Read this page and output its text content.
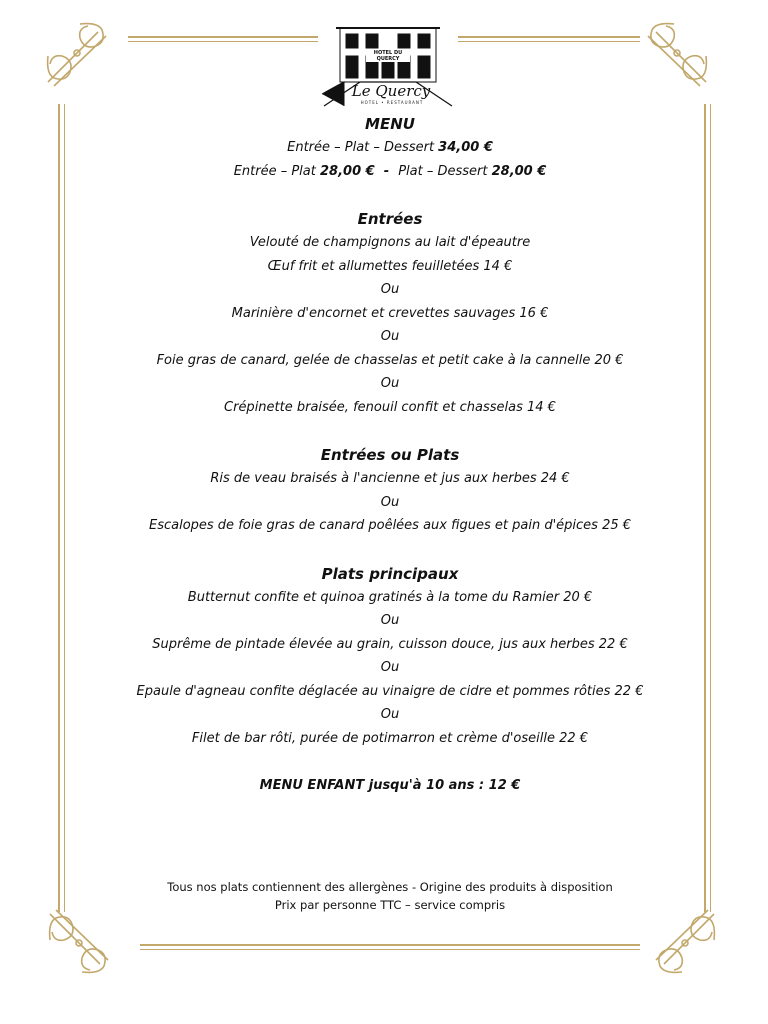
HOTEL DU QUERCY
Le Quercy
HOTEL • RESTAURANT
MENU
Entrée – Plat – Dessert 34,00 €
Entrée – Plat 28,00 €  -  Plat – Dessert 28,00 €
Entrées
Velouté de champignons au lait d'épeautre
Œuf frit et allumettes feuilletées 14 €
Ou
Marinière d'encornet et crevettes sauvages 16 €
Ou
Foie gras de canard, gelée de chasselas et petit cake à la cannelle 20 €
Ou
Crépinette braisée, fenouil confit et chasselas 14 €
Entrées ou Plats
Ris de veau braisés à l'ancienne et jus aux herbes 24 €
Ou
Escalopes de foie gras de canard poêlées aux figues et pain d'épices 25 €
Plats principaux
Butternut confite et quinoa gratinés à la tome du Ramier 20 €
Ou
Suprême de pintade élevée au grain, cuisson douce, jus aux herbes 22 €
Ou
Epaule d'agneau confite déglacée au vinaigre de cidre et pommes rôties 22 €
Ou
Filet de bar rôti, purée de potimarron et crème d'oseille 22 €
MENU ENFANT jusqu'à 10 ans : 12 €
Tous nos plats contiennent des allergènes - Origine des produits à disposition
Prix par personne TTC – service compris
